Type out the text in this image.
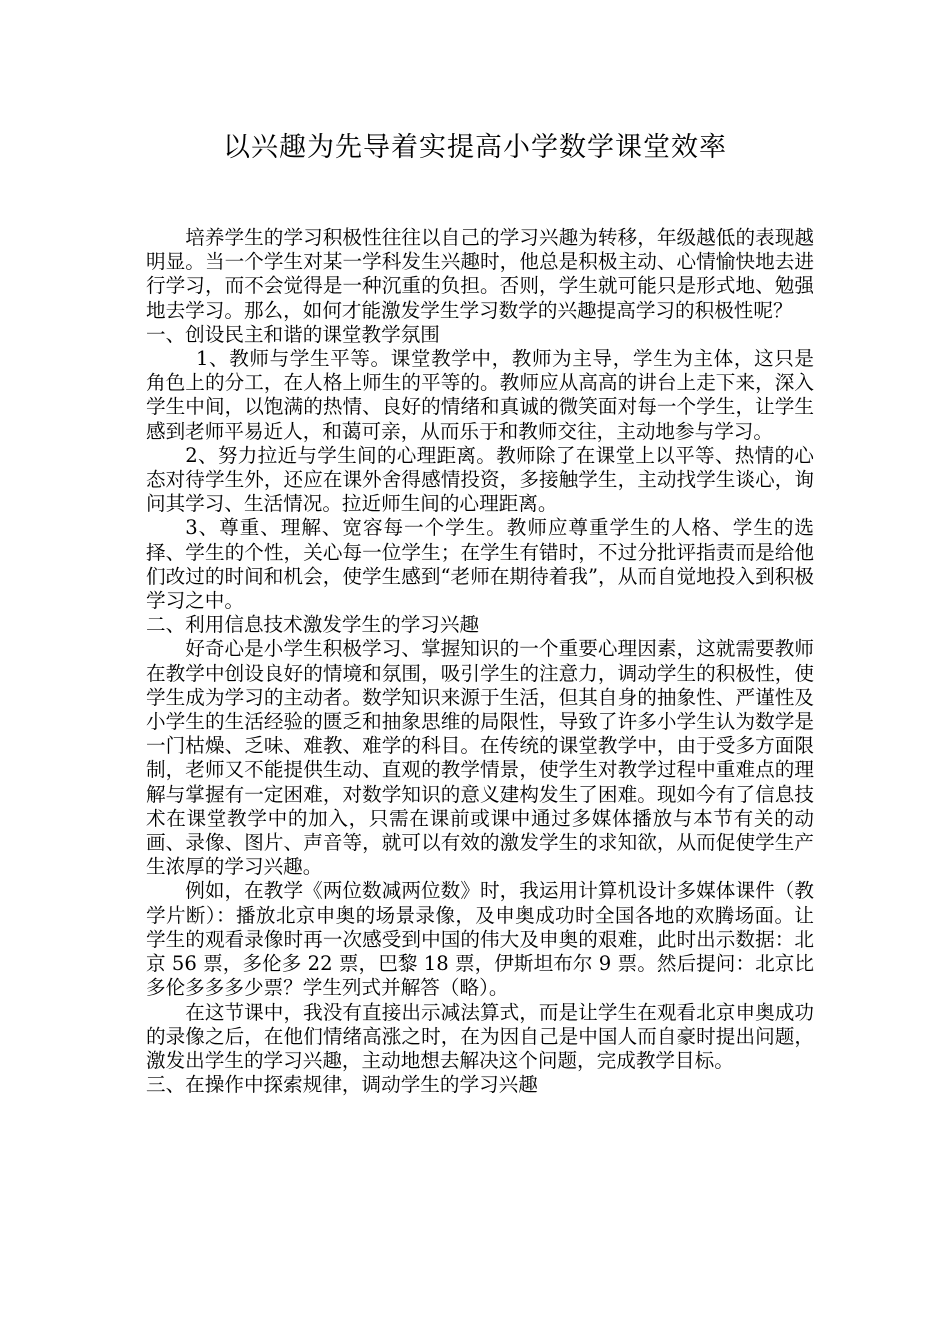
以兴趣为先导着实提高小学数学课堂效率

培养学生的学习积极性往往以自己的学习兴趣为转移，年级越低的表现越明显。当一个学生对某一学科发生兴趣时，他总是积极主动、心情愉快地去进行学习，而不会觉得是一种沉重的负担。否则，学生就可能只是形式地、勉强地去学习。那么，如何才能激发学生学习数学的兴趣提高学习的积极性呢？

一、创设民主和谐的课堂教学氛围

1、教师与学生平等。课堂教学中，教师为主导，学生为主体，这只是角色上的分工，在人格上师生的平等的。教师应从高高的讲台上走下来，深入学生中间，以饱满的热情、良好的情绪和真诚的微笑面对每一个学生，让学生感到老师平易近人，和蔼可亲，从而乐于和教师交往，主动地参与学习。

2、努力拉近与学生间的心理距离。教师除了在课堂上以平等、热情的心态对待学生外，还应在课外舍得感情投资，多接触学生，主动找学生谈心，询问其学习、生活情况。拉近师生间的心理距离。

3、尊重、理解、宽容每一个学生。教师应尊重学生的人格、学生的选择、学生的个性，关心每一位学生；在学生有错时，不过分批评指责而是给他们改过的时间和机会，使学生感到“老师在期待着我”，从而自觉地投入到积极学习之中。

二、利用信息技术激发学生的学习兴趣

好奇心是小学生积极学习、掌握知识的一个重要心理因素，这就需要教师在教学中创设良好的情境和氛围，吸引学生的注意力，调动学生的积极性，使学生成为学习的主动者。数学知识来源于生活，但其自身的抽象性、严谨性及小学生的生活经验的匮乏和抽象思维的局限性，导致了许多小学生认为数学是一门枯燥、乏味、难教、难学的科目。在传统的课堂教学中，由于受多方面限制，老师又不能提供生动、直观的教学情景，使学生对教学过程中重难点的理解与掌握有一定困难，对数学知识的意义建构发生了困难。现如今有了信息技术在课堂教学中的加入，只需在课前或课中通过多媒体播放与本节有关的动画、录像、图片、声音等，就可以有效的激发学生的求知欲，从而促使学生产生浓厚的学习兴趣。

例如，在教学《两位数减两位数》时，我运用计算机设计多媒体课件（教学片断）：播放北京申奥的场景录像，及申奥成功时全国各地的欢腾场面。让学生的观看录像时再一次感受到中国的伟大及申奥的艰难，此时出示数据：北京 56 票，多伦多 22 票，巴黎 18 票，伊斯坦布尔 9 票。然后提问：北京比多伦多多多少票？学生列式并解答（略）。

在这节课中，我没有直接出示减法算式，而是让学生在观看北京申奥成功的录像之后，在他们情绪高涨之时，在为因自己是中国人而自豪时提出问题，激发出学生的学习兴趣，主动地想去解决这个问题，完成教学目标。

三、在操作中探索规律，调动学生的学习兴趣
